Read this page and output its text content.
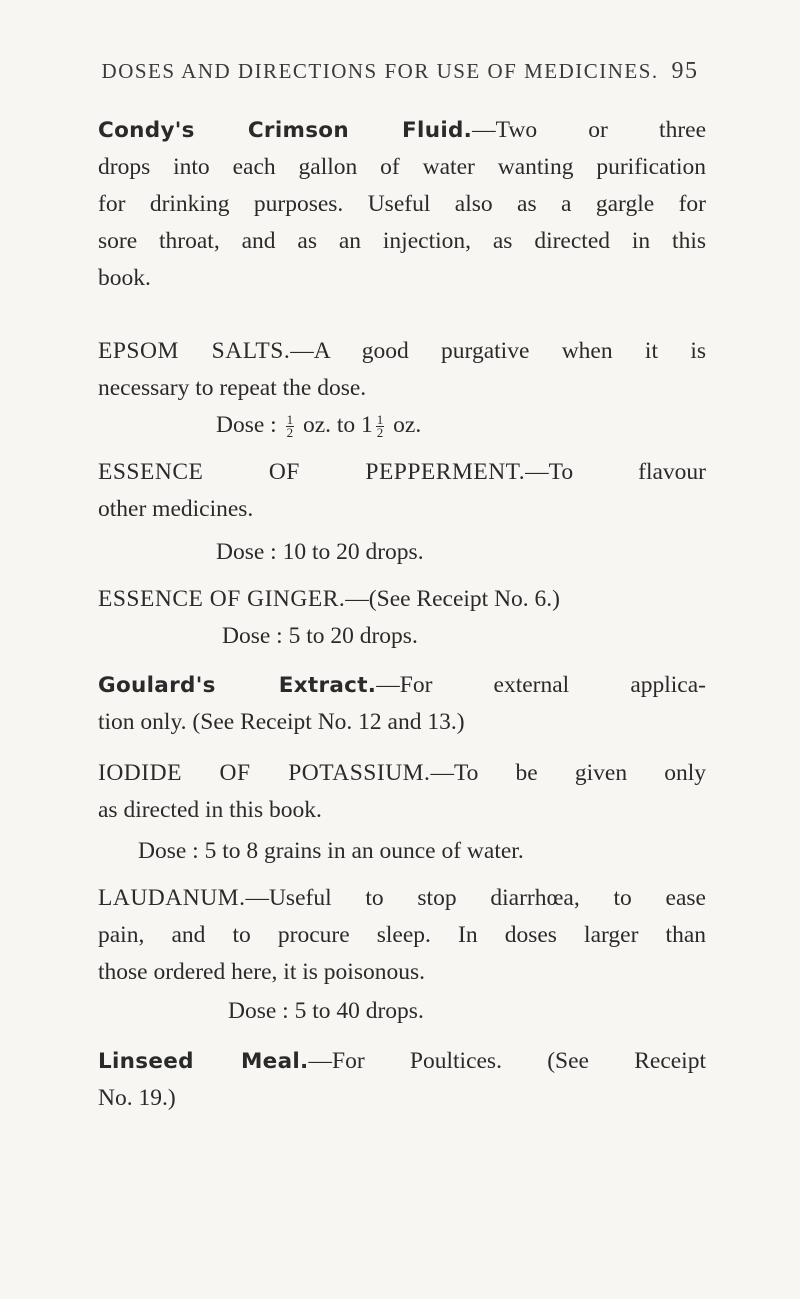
DOSES AND DIRECTIONS FOR USE OF MEDICINES. 95
Condy's Crimson Fluid.—Two or three
drops into each gallon of water wanting purification
for drinking purposes. Useful also as a gargle for
sore throat, and as an injection, as directed in this
book.
EPSOM SALTS.—A good purgative when it is
necessary to repeat the dose.
Dose : $\frac{1}{2}$ oz. to $1 \frac{1}{2}$ oz.
ESSENCE OF PEPPERMENT.—To flavour
other medicines.
Dose : 10 to 20 drops.
ESSENCE OF GINGER.—(See Receipt No. 6.)
Dose : 5 to 20 drops.
Goulard's Extract.—For external applica-
tion only. (See Receipt No. 12 and 13.)
IODIDE OF POTASSIUM.—To be given only
as directed in this book.
Dose : 5 to 8 grains in an ounce of water.
LAUDANUM.—Useful to stop diarrhœa, to ease
pain, and to procure sleep. In doses larger than
those ordered here, it is poisonous.
Dose : 5 to 40 drops.
Linseed Meal.—For Poultices. (See Receipt
No. 19.)
